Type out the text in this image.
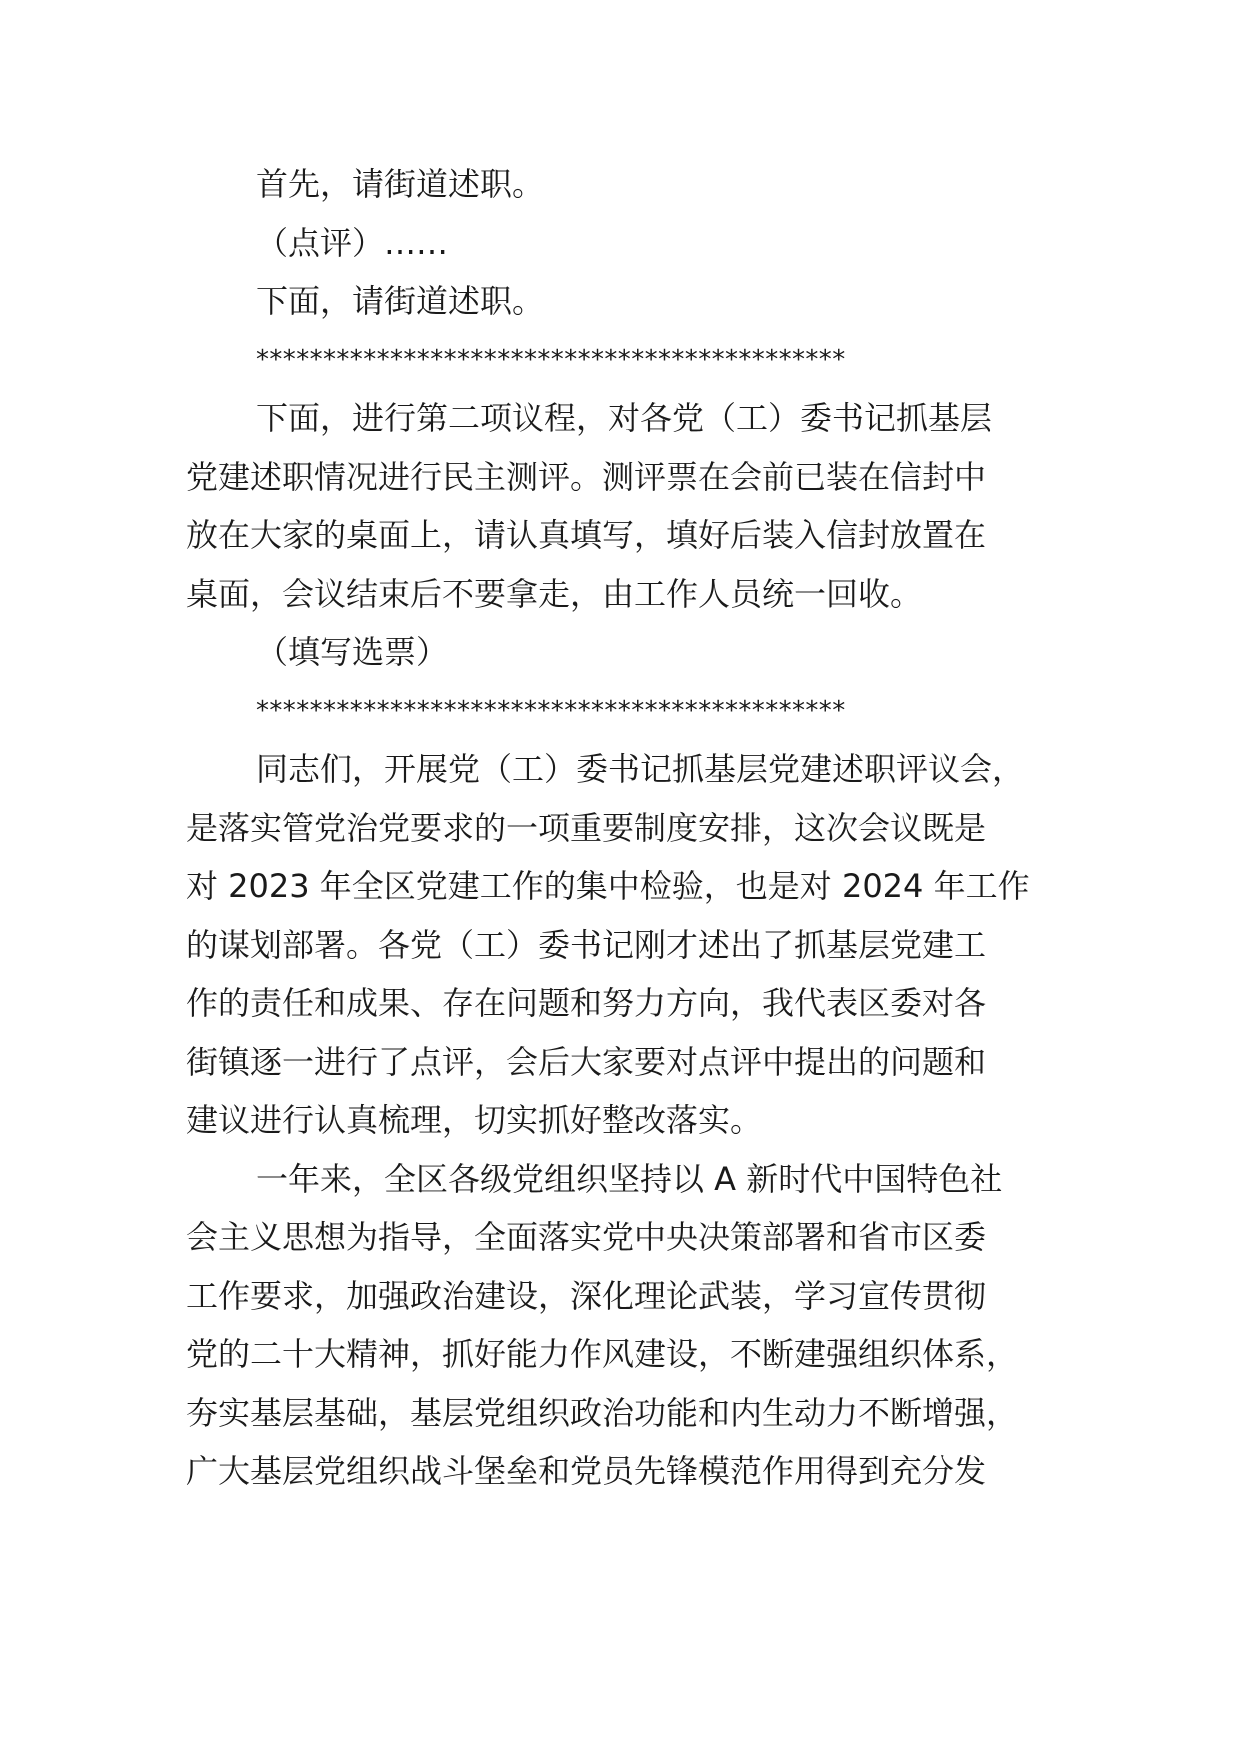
首先，请街道述职。
（点评）……
下面，请街道述职。
********************************************
下面，进行第二项议程，对各党（工）委书记抓基层
党建述职情况进行民主测评。测评票在会前已装在信封中
放在大家的桌面上，请认真填写，填好后装入信封放置在
桌面，会议结束后不要拿走，由工作人员统一回收。
（填写选票）
********************************************
同志们，开展党（工）委书记抓基层党建述职评议会，
是落实管党治党要求的一项重要制度安排，这次会议既是
对 2023 年全区党建工作的集中检验，也是对 2024 年工作
的谋划部署。各党（工）委书记刚才述出了抓基层党建工
作的责任和成果、存在问题和努力方向，我代表区委对各
街镇逐一进行了点评，会后大家要对点评中提出的问题和
建议进行认真梳理，切实抓好整改落实。
一年来，全区各级党组织坚持以 A 新时代中国特色社
会主义思想为指导，全面落实党中央决策部署和省市区委
工作要求，加强政治建设，深化理论武装，学习宣传贯彻
党的二十大精神，抓好能力作风建设，不断建强组织体系，
夯实基层基础，基层党组织政治功能和内生动力不断增强，
广大基层党组织战斗堡垒和党员先锋模范作用得到充分发
